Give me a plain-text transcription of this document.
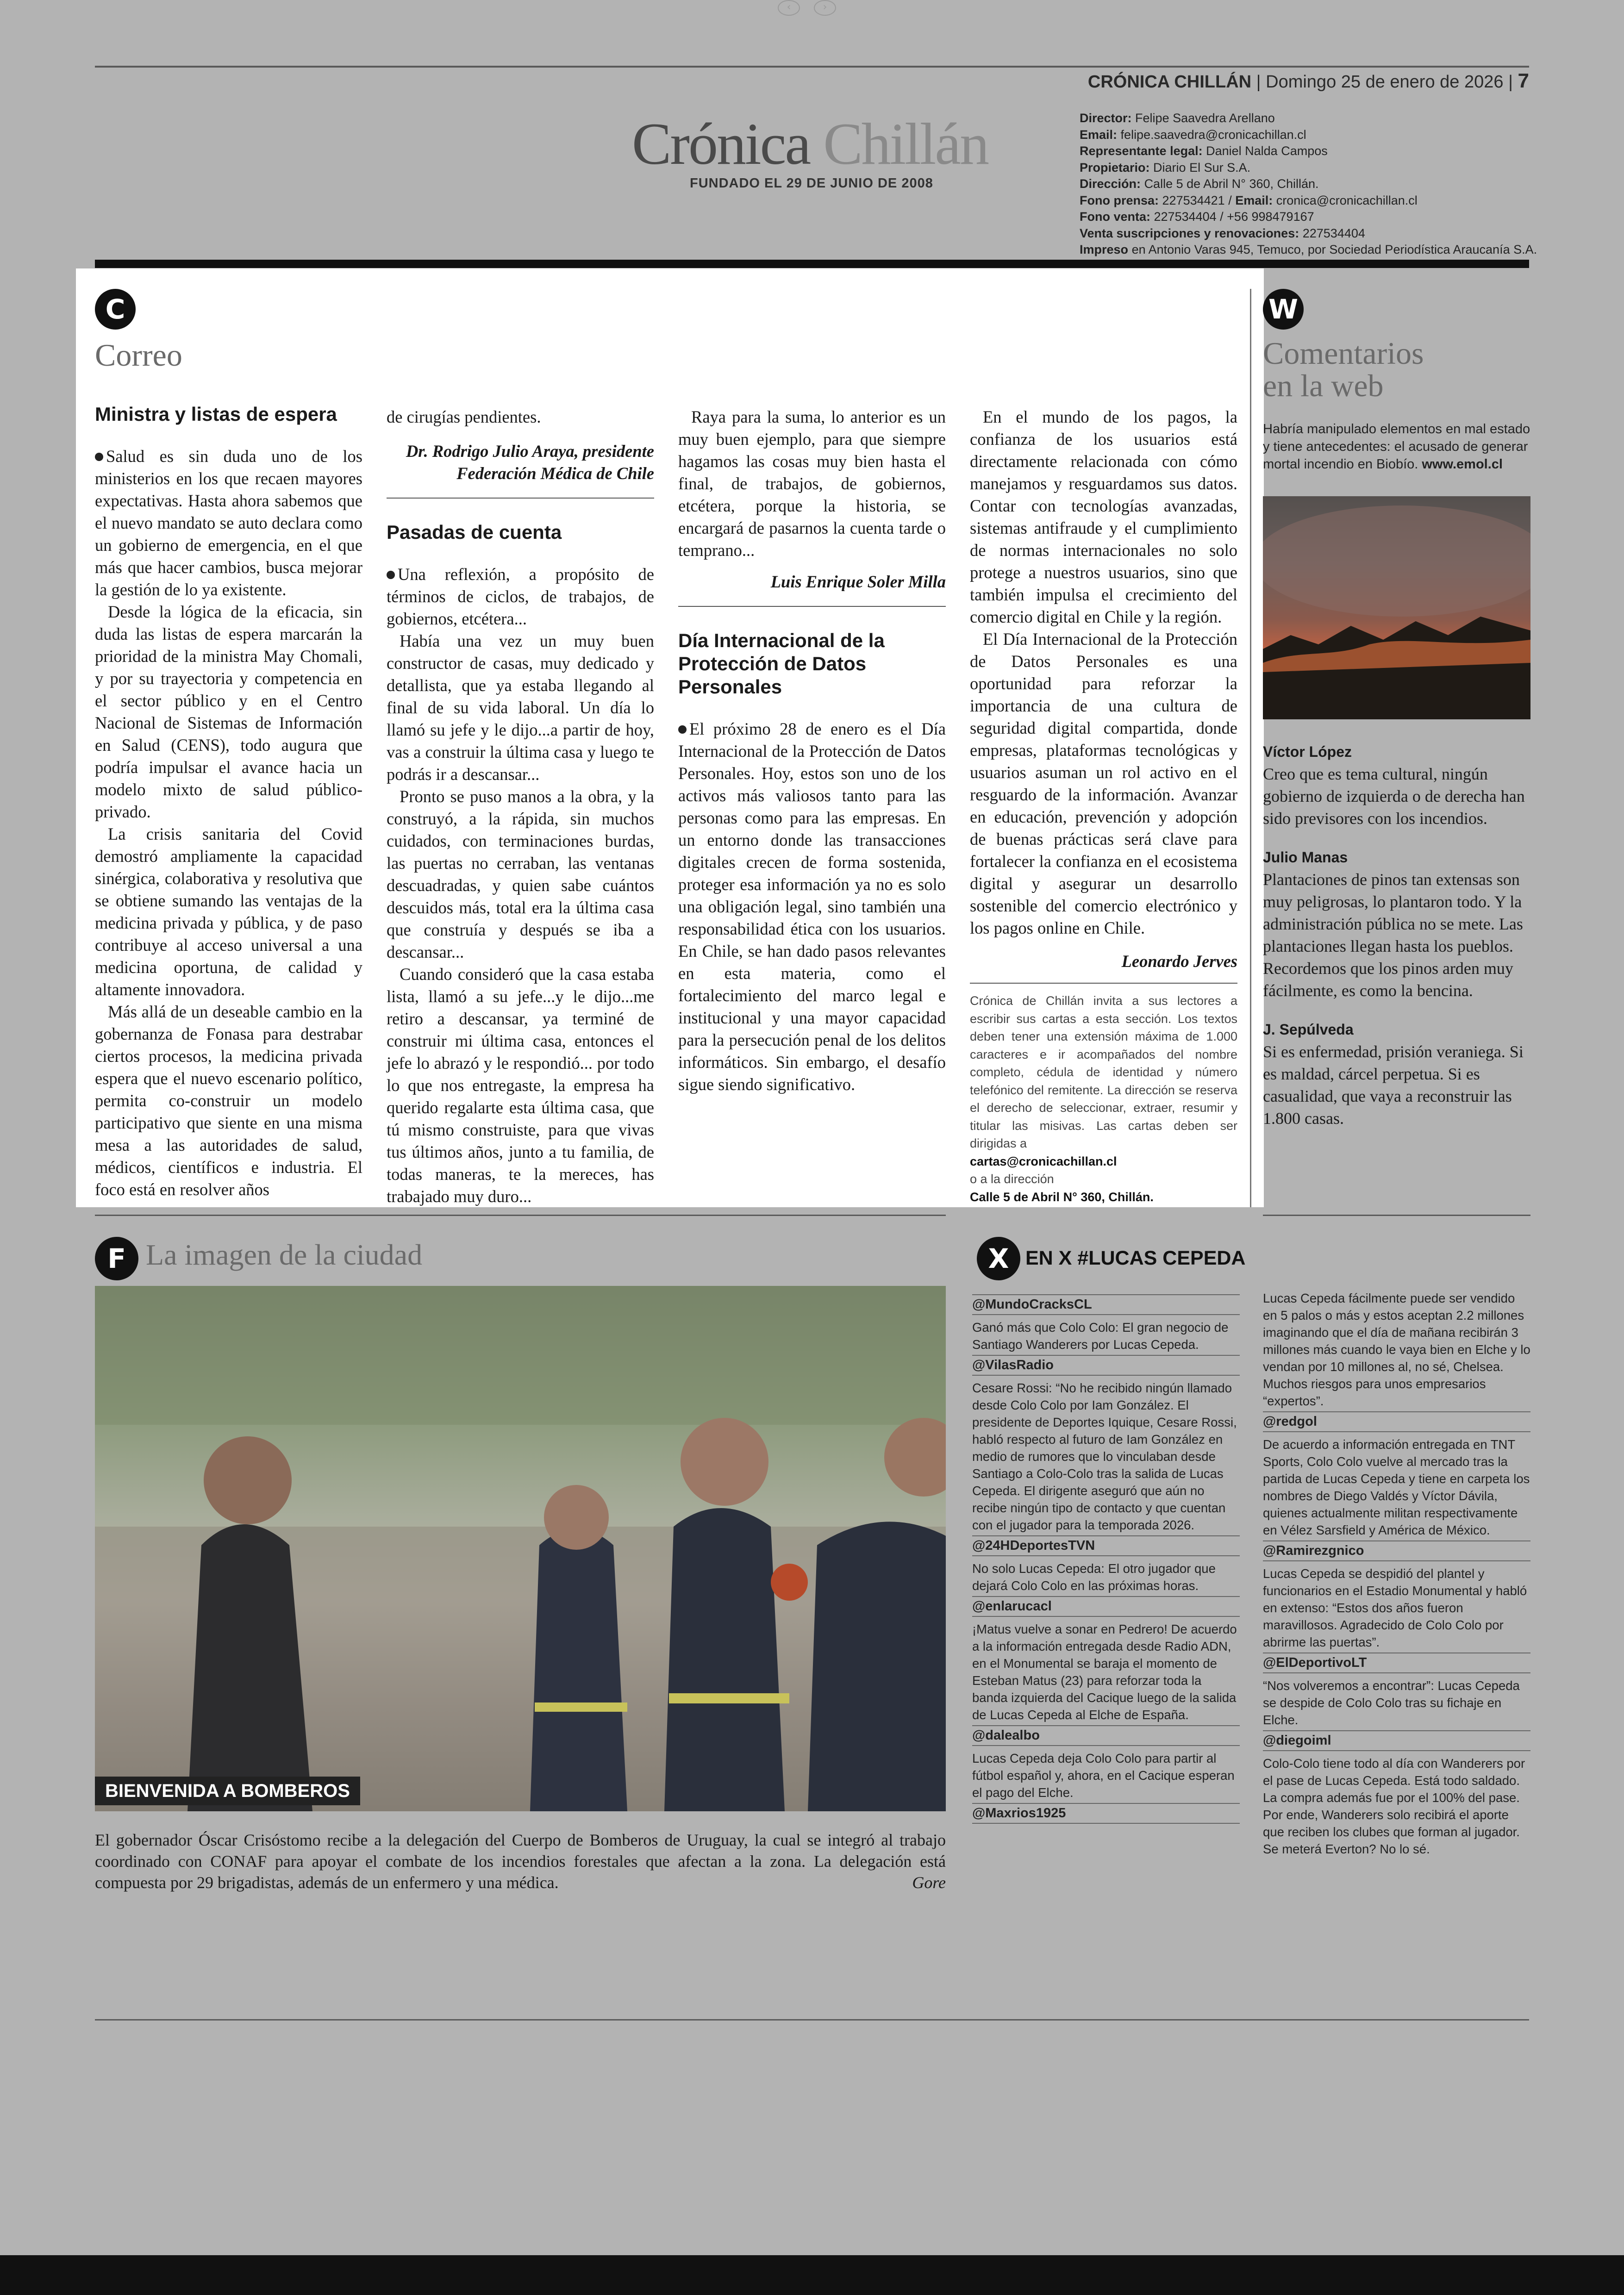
‹	›
CRÓNICA CHILLÁN | Domingo 25 de enero de 2026 | 7
Crónica Chillán
FUNDADO EL 29 DE JUNIO DE 2008
Director: Felipe Saavedra Arellano
Email: felipe.saavedra@cronicachillan.cl
Representante legal: Daniel Nalda Campos
Propietario: Diario El Sur S.A.
Dirección: Calle 5 de Abril N° 360, Chillán.
Fono prensa: 227534421 / Email: cronica@cronicachillan.cl
Fono venta: 227534404 / +56 998479167
Venta suscripciones y renovaciones: 227534404
Impreso en Antonio Varas 945, Temuco, por Sociedad Periodística Araucanía S.A.
C
Correo

Ministra y listas de espera

Salud es sin duda uno de los ministerios en los que recaen mayores expectativas. Hasta ahora sabemos que el nuevo mandato se auto declara como un gobierno de emergencia, en el que más que hacer cambios, busca mejorar la gestión de lo ya existente.

Desde la lógica de la eficacia, sin duda las listas de espera marcarán la prioridad de la ministra May Chomali, y por su trayectoria y competencia en el sector público y en el Centro Nacional de Sistemas de Información en Salud (CENS), todo augura que podría impulsar el avance hacia un modelo mixto de salud público-privado.

La crisis sanitaria del Covid demostró ampliamente la capacidad sinérgica, colaborativa y resolutiva que se obtiene sumando las ventajas de la medicina privada y pública, y de paso contribuye al acceso universal a una medicina oportuna, de calidad y altamente innovadora.

Más allá de un deseable cambio en la gobernanza de Fonasa para destrabar ciertos procesos, la medicina privada espera que el nuevo escenario político, permita co-construir un modelo participativo que siente en una misma mesa a las autoridades de salud, médicos, científicos e industria. El foco está en resolver años

de cirugías pendientes.

Dr. Rodrigo Julio Araya, presidente Federación Médica de Chile

Pasadas de cuenta

Una reflexión, a propósito de términos de ciclos, de trabajos, de gobiernos, etcétera...

Había una vez un muy buen constructor de casas, muy dedicado y detallista, que ya estaba llegando al final de su vida laboral. Un día lo llamó su jefe y le dijo...a partir de hoy, vas a construir la última casa y luego te podrás ir a descansar...

Pronto se puso manos a la obra, y la construyó, a la rápida, sin muchos cuidados, con terminaciones burdas, las puertas no cerraban, las ventanas descuadradas, y quien sabe cuántos descuidos más, total era la última casa que construía y después se iba a descansar...

Cuando consideró que la casa estaba lista, llamó a su jefe...y le dijo...me retiro a descansar, ya terminé de construir mi última casa, entonces el jefe lo abrazó y le respondió... por todo lo que nos entregaste, la empresa ha querido regalarte esta última casa, que tú mismo construiste, para que vivas tus últimos años, junto a tu familia, de todas maneras, te la mereces, has trabajado muy duro...

Raya para la suma, lo anterior es un muy buen ejemplo, para que siempre hagamos las cosas muy bien hasta el final, de trabajos, de gobiernos, etcétera, porque la historia, se encargará de pasarnos la cuenta tarde o temprano...

Luis Enrique Soler Milla

Día Internacional de la Protección de Datos Personales

El próximo 28 de enero es el Día Internacional de la Protección de Datos Personales. Hoy, estos son uno de los activos más valiosos tanto para las personas como para las empresas. En un entorno donde las transacciones digitales crecen de forma sostenida, proteger esa información ya no es solo una obligación legal, sino también una responsabilidad ética con los usuarios. En Chile, se han dado pasos relevantes en esta materia, como el fortalecimiento del marco legal e institucional y una mayor capacidad para la persecución penal de los delitos informáticos. Sin embargo, el desafío sigue siendo significativo.

En el mundo de los pagos, la confianza de los usuarios está directamente relacionada con cómo manejamos y resguardamos sus datos. Contar con tecnologías avanzadas, sistemas antifraude y el cumplimiento de normas internacionales no solo protege a nuestros usuarios, sino que también impulsa el crecimiento del comercio digital en Chile y la región.

El Día Internacional de la Protección de Datos Personales es una oportunidad para reforzar la importancia de una cultura de seguridad digital compartida, donde empresas, plataformas tecnológicas y usuarios asuman un rol activo en el resguardo de la información. Avanzar en educación, prevención y adopción de buenas prácticas será clave para fortalecer la confianza en el ecosistema digital y asegurar un desarrollo sostenible del comercio electrónico y los pagos online en Chile.

Leonardo Jerves

Crónica de Chillán invita a sus lectores a escribir sus cartas a esta sección. Los textos deben tener una extensión máxima de 1.000 caracteres e ir acompañados del nombre completo, cédula de identidad y número telefónico del remitente. La dirección se reserva el derecho de seleccionar, extraer, resumir y titular las misivas. Las cartas deben ser dirigidas a
cartas@cronicachillan.cl
o a la dirección
Calle 5 de Abril N° 360, Chillán.
W
Comentarios
en la web
Habría manipulado elementos en mal estado y tiene antecedentes: el acusado de generar mortal incendio en Biobío. www.emol.cl
Víctor López
Creo que es tema cultural, ningún gobierno de izquierda o de derecha han sido previsores con los incendios.
Julio Manas
Plantaciones de pinos tan extensas son muy peligrosas, lo plantaron todo. Y la administración pública no se mete. Las plantaciones llegan hasta los pueblos. Recordemos que los pinos arden muy fácilmente, es como la bencina.
J. Sepúlveda
Si es enfermedad, prisión veraniega. Si es maldad, cárcel perpetua. Si es casualidad, que vaya a reconstruir las 1.800 casas.
F La imagen de la ciudad
BIENVENIDA A BOMBEROS
El gobernador Óscar Crisóstomo recibe a la delegación del Cuerpo de Bomberos de Uruguay, la cual se integró al trabajo coordinado con CONAF para apoyar el combate de los incendios forestales que afectan a la zona. La delegación está compuesta por 29 brigadistas, además de un enfermero y una médica.	Gore
X EN X #LUCAS CEPEDA
@MundoCracksCL
Ganó más que Colo Colo: El gran negocio de Santiago Wanderers por Lucas Cepeda.
@VilasRadio
Cesare Rossi: “No he recibido ningún llamado desde Colo Colo por Iam González. El presidente de Deportes Iquique, Cesare Rossi, habló respecto al futuro de Iam González en medio de rumores que lo vinculaban desde Santiago a Colo-Colo tras la salida de Lucas Cepeda. El dirigente aseguró que aún no recibe ningún tipo de contacto y que cuentan con el jugador para la temporada 2026.
@24HDeportesTVN
No solo Lucas Cepeda: El otro jugador que dejará Colo Colo en las próximas horas.
@enlarucacl
¡Matus vuelve a sonar en Pedrero! De acuerdo a la información entregada desde Radio ADN, en el Monumental se baraja el momento de Esteban Matus (23) para reforzar toda la banda izquierda del Cacique luego de la salida de Lucas Cepeda al Elche de España.
@dalealbo
Lucas Cepeda deja Colo Colo para partir al fútbol español y, ahora, en el Cacique esperan el pago del Elche.
@Maxrios1925
Lucas Cepeda fácilmente puede ser vendido en 5 palos o más y estos aceptan 2.2 millones imaginando que el día de mañana recibirán 3 millones más cuando le vaya bien en Elche y lo vendan por 10 millones al, no sé, Chelsea. Muchos riesgos para unos empresarios “expertos”.
@redgol
De acuerdo a información entregada en TNT Sports, Colo Colo vuelve al mercado tras la partida de Lucas Cepeda y tiene en carpeta los nombres de Diego Valdés y Víctor Dávila, quienes actualmente militan respectivamente en Vélez Sarsfield y América de México.
@Ramirezgnico
Lucas Cepeda se despidió del plantel y funcionarios en el Estadio Monumental y habló en extenso: “Estos dos años fueron maravillosos. Agradecido de Colo Colo por abrirme las puertas”.
@ElDeportivoLT
“Nos volveremos a encontrar”: Lucas Cepeda se despide de Colo Colo tras su fichaje en Elche.
@diegoiml
Colo-Colo tiene todo al día con Wanderers por el pase de Lucas Cepeda. Está todo saldado. La compra además fue por el 100% del pase. Por ende, Wanderers solo recibirá el aporte que reciben los clubes que forman al jugador. Se meterá Everton? No lo sé.
